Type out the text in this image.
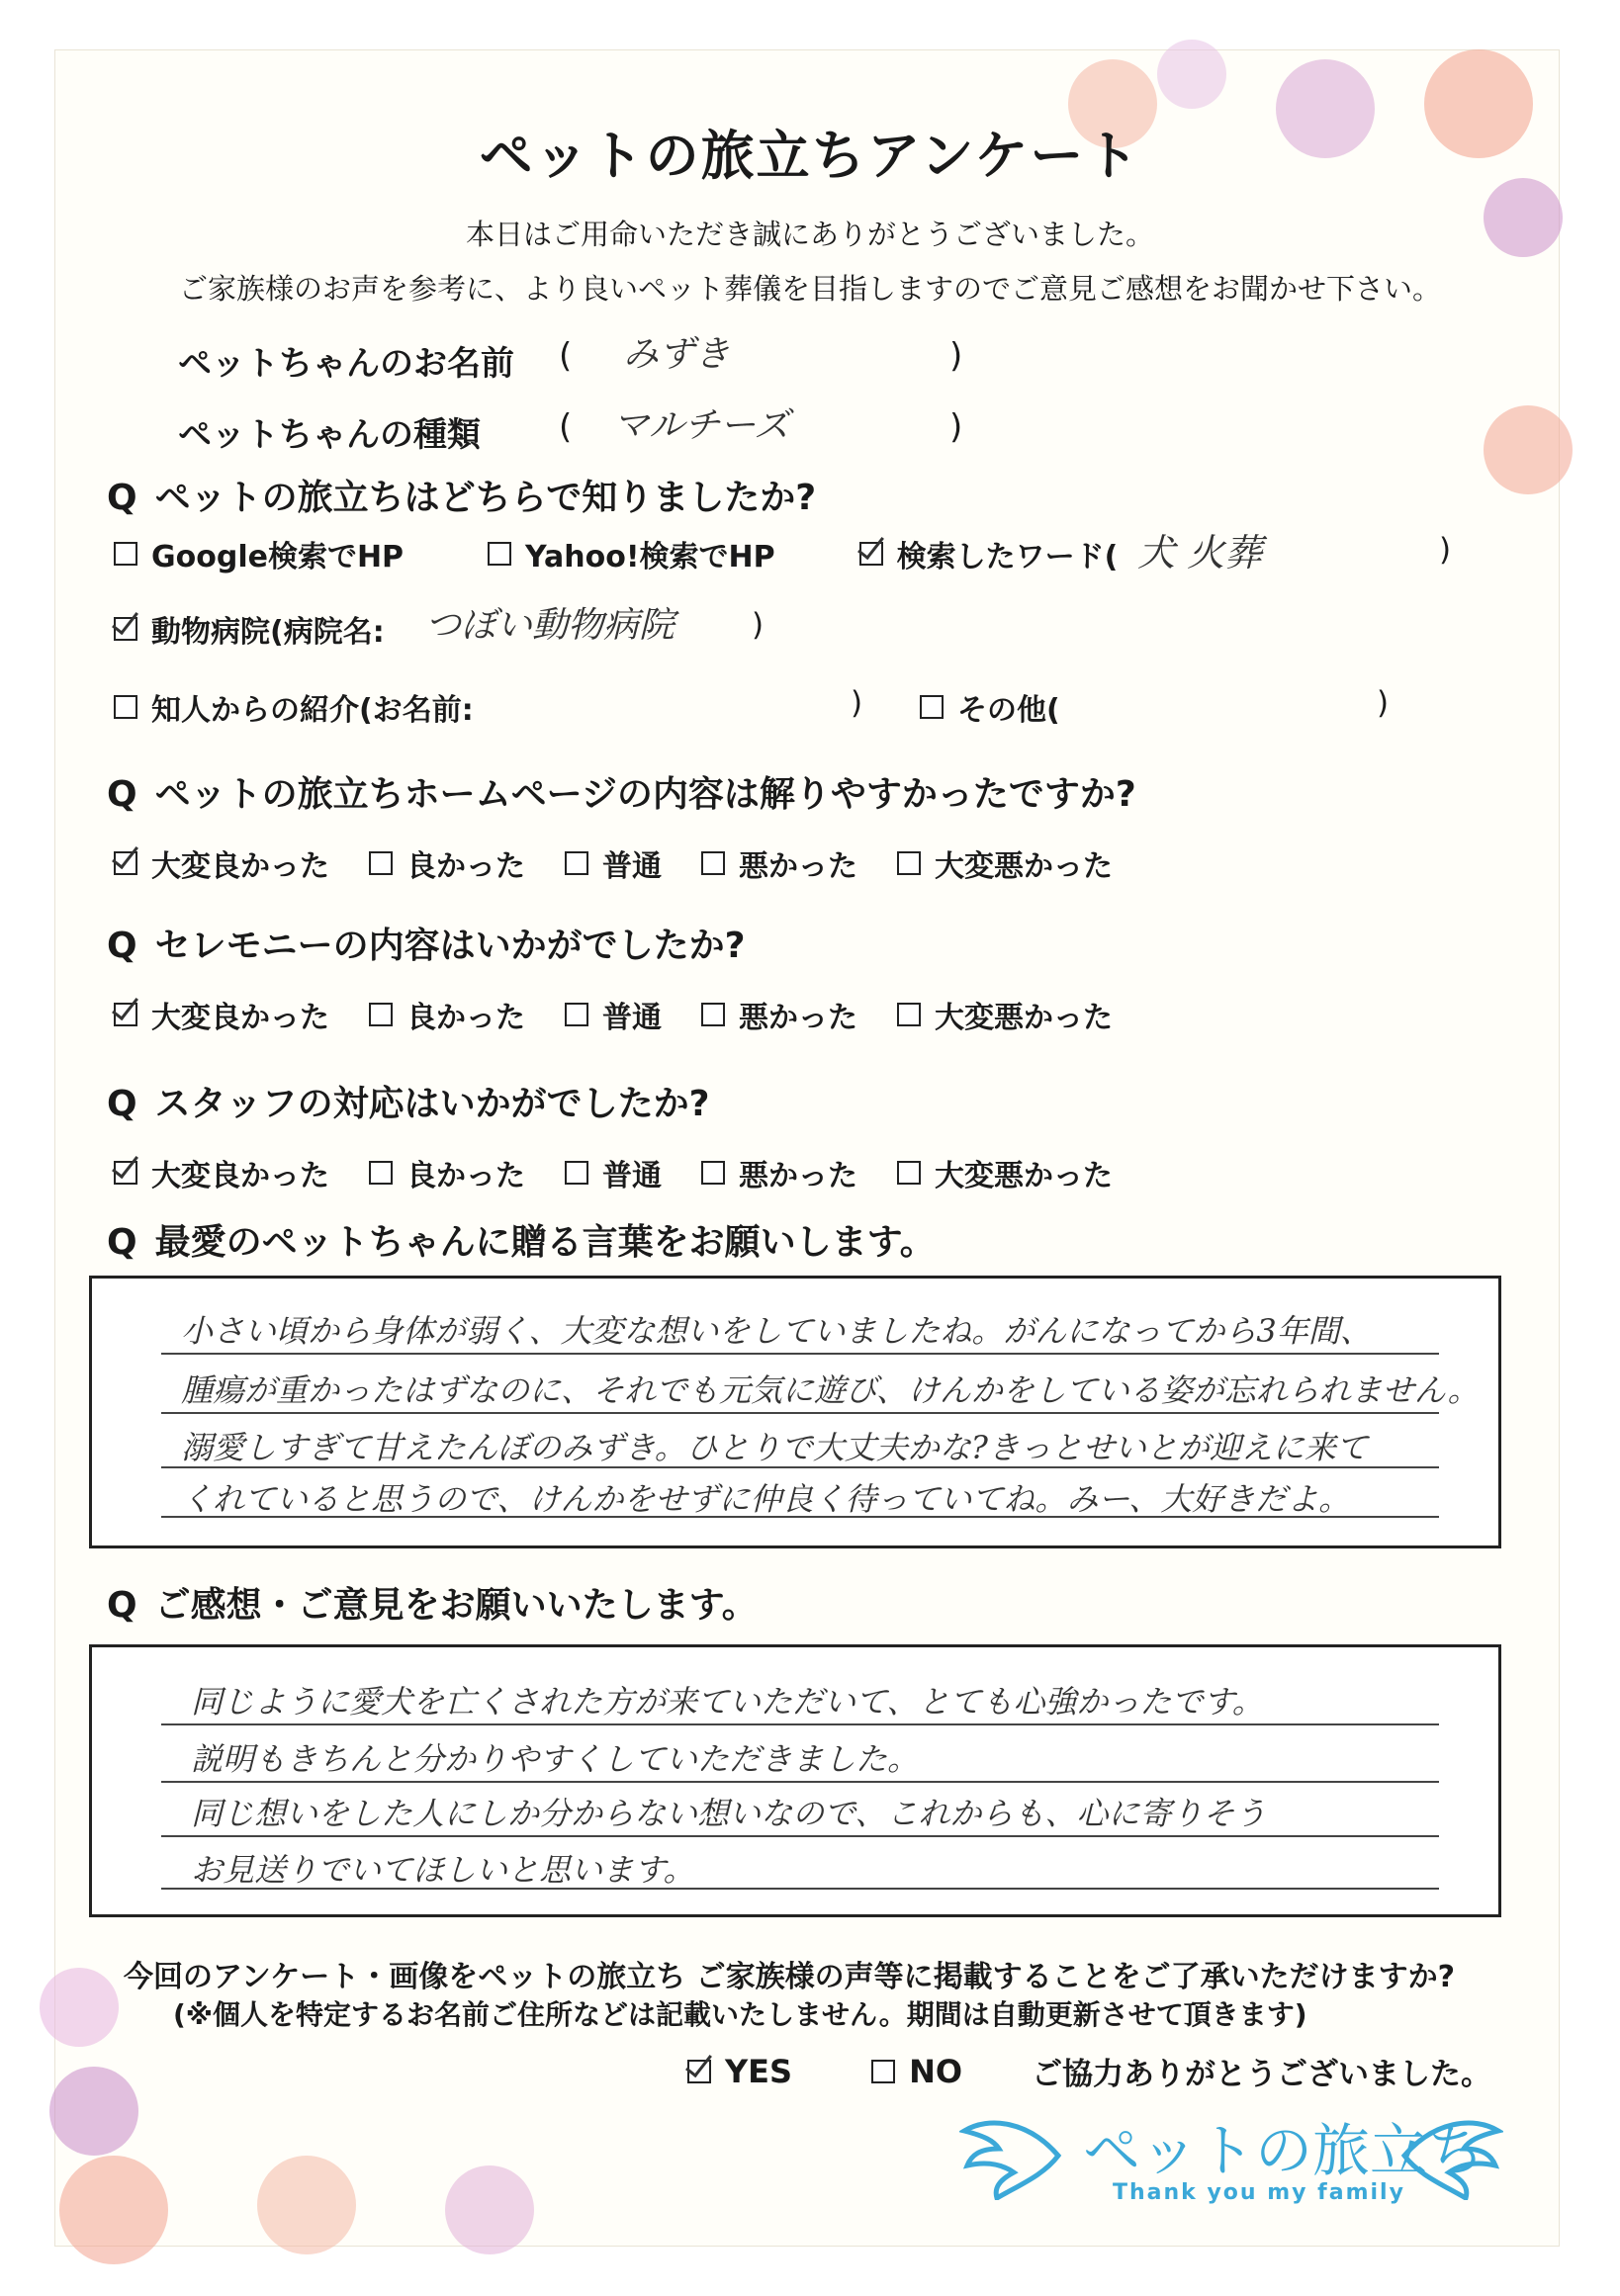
ペットの旅立ちアンケート
本日はご用命いただき誠にありがとうございました。
ご家族様のお声を参考に、より良いペット葬儀を目指しますのでご意見ご感想をお聞かせ下さい。
ペットちゃんのお名前 ( みずき	)
ペットちゃんの種類 ( マルチーズ	)
Q ペットの旅立ちはどちらで知りましたか?
Google検索でHP	Yahoo!検索でHP	検索したワード( 犬 火葬	)
動物病院(病院名: つぼい動物病院	)
知人からの紹介(お名前:	)	その他(	)
Q ペットの旅立ちホームページの内容は解りやすかったですか?
大変良かった	良かった	普通	悪かった	大変悪かった
Q セレモニーの内容はいかがでしたか?
大変良かった	良かった	普通	悪かった	大変悪かった
Q スタッフの対応はいかがでしたか?
大変良かった	良かった	普通	悪かった	大変悪かった
Q 最愛のペットちゃんに贈る言葉をお願いします。
小さい頃から身体が弱く、大変な想いをしていましたね。がんになってから3年間、
腫瘍が重かったはずなのに、それでも元気に遊び、けんかをしている姿が忘れられません。
溺愛しすぎて甘えたんぼのみずき。ひとりで大丈夫かな?きっとせいとが迎えに来て
くれていると思うので、けんかをせずに仲良く待っていてね。みー、大好きだよ。
Q ご感想・ご意見をお願いいたします。
同じように愛犬を亡くされた方が来ていただいて、とても心強かったです。
説明もきちんと分かりやすくしていただきました。
同じ想いをした人にしか分からない想いなので、これからも、心に寄りそう
お見送りでいてほしいと思います。
今回のアンケート・画像をペットの旅立ち ご家族様の声等に掲載することをご了承いただけますか?
(※個人を特定するお名前ご住所などは記載いたしません。期間は自動更新させて頂きます)
YES	NO ご協力ありがとうございました。
ペットの旅立ち
Thank you my family
